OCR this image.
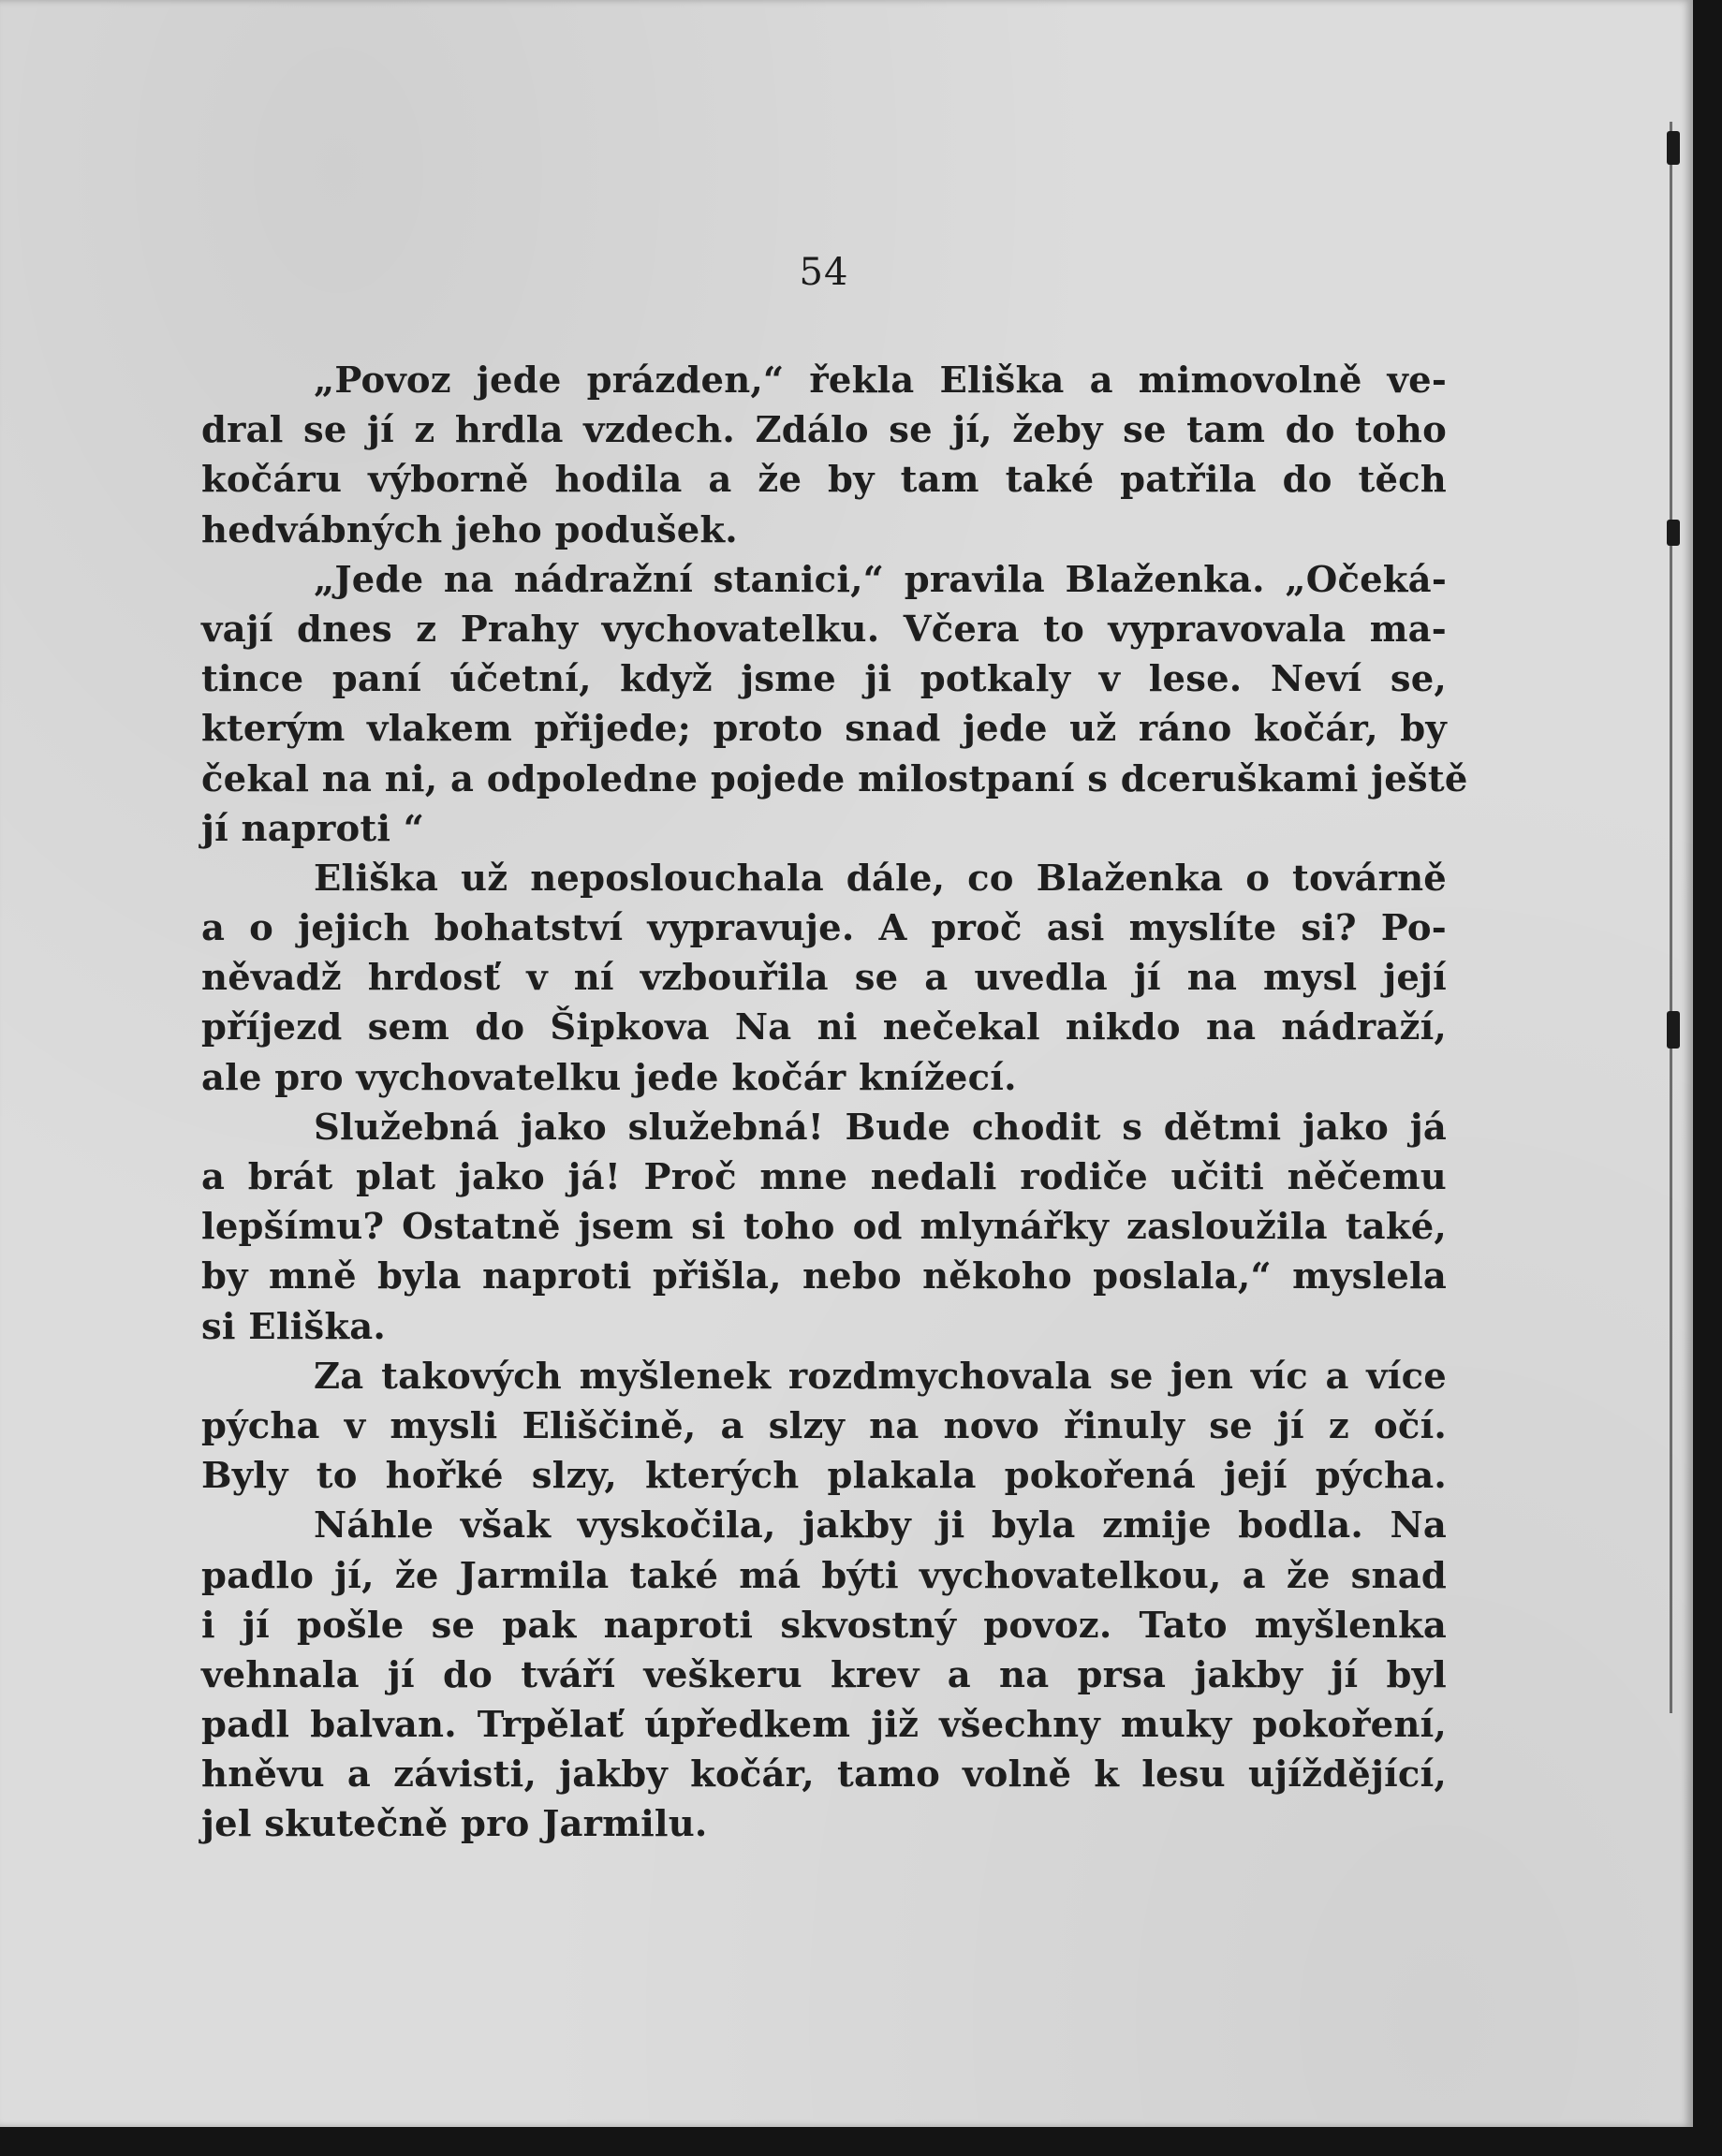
54
„Povoz jede prázden,“ řekla Eliška a mimovolně ve-
dral se jí z hrdla vzdech. Zdálo se jí, žeby se tam do toho
kočáru výborně hodila a že by tam také patřila do těch
hedvábných jeho podušek.
„Jede na nádražní stanici,“ pravila Blaženka. „Očeká-
vají dnes z Prahy vychovatelku. Včera to vypravovala ma-
tince paní účetní, když jsme ji potkaly v lese. Neví se,
kterým vlakem přijede; proto snad jede už ráno kočár, by
čekal na ni, a odpoledne pojede milostpaní s dceruškami ještě
jí naproti “
Eliška už neposlouchala dále, co Blaženka o továrně
a o jejich bohatství vypravuje. A proč asi myslíte si? Po-
něvadž hrdosť v ní vzbouřila se a uvedla jí na mysl její
příjezd sem do Šipkova Na ni nečekal nikdo na nádraží,
ale pro vychovatelku jede kočár knížecí.
Služebná jako služebná! Bude chodit s dětmi jako já
a brát plat jako já! Proč mne nedali rodiče učiti něčemu
lepšímu? Ostatně jsem si toho od mlynářky zasloužila také,
by mně byla naproti přišla, nebo někoho poslala,“ myslela
si Eliška.
Za takových myšlenek rozdmychovala se jen víc a více
pýcha v mysli Eliščině, a slzy na novo řinuly se jí z očí.
Byly to hořké slzy, kterých plakala pokořená její pýcha.
Náhle však vyskočila, jakby ji byla zmije bodla. Na
padlo jí, že Jarmila také má býti vychovatelkou, a že snad
i jí pošle se pak naproti skvostný povoz. Tato myšlenka
vehnala jí do tváří veškeru krev a na prsa jakby jí byl
padl balvan. Trpělať úpředkem již všechny muky pokoření,
hněvu a závisti, jakby kočár, tamo volně k lesu ujíždějící,
jel skutečně pro Jarmilu.
